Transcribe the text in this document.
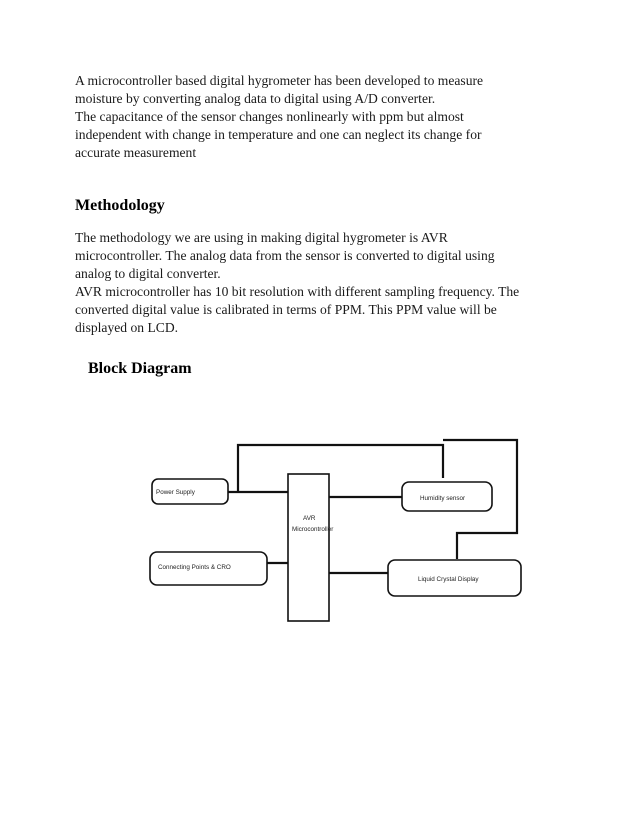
A microcontroller based digital hygrometer has been developed to measure

moisture by converting analog data to digital using A/D converter.

The capacitance of the sensor changes nonlinearly with ppm but almost

independent with change in temperature and one can neglect its change for

accurate measurement

Methodology

The methodology we are using in making digital hygrometer is AVR

microcontroller. The analog data from the sensor is converted to digital using

analog to digital converter.

AVR microcontroller has 10 bit resolution with different sampling frequency. The

converted digital value is calibrated in terms of PPM. This PPM value will be

displayed on LCD.

Block Diagram
Power Supply
Connecting Points & CRO
AVR
Microcontroller
Humidity sensor
Liquid Crystal Display
